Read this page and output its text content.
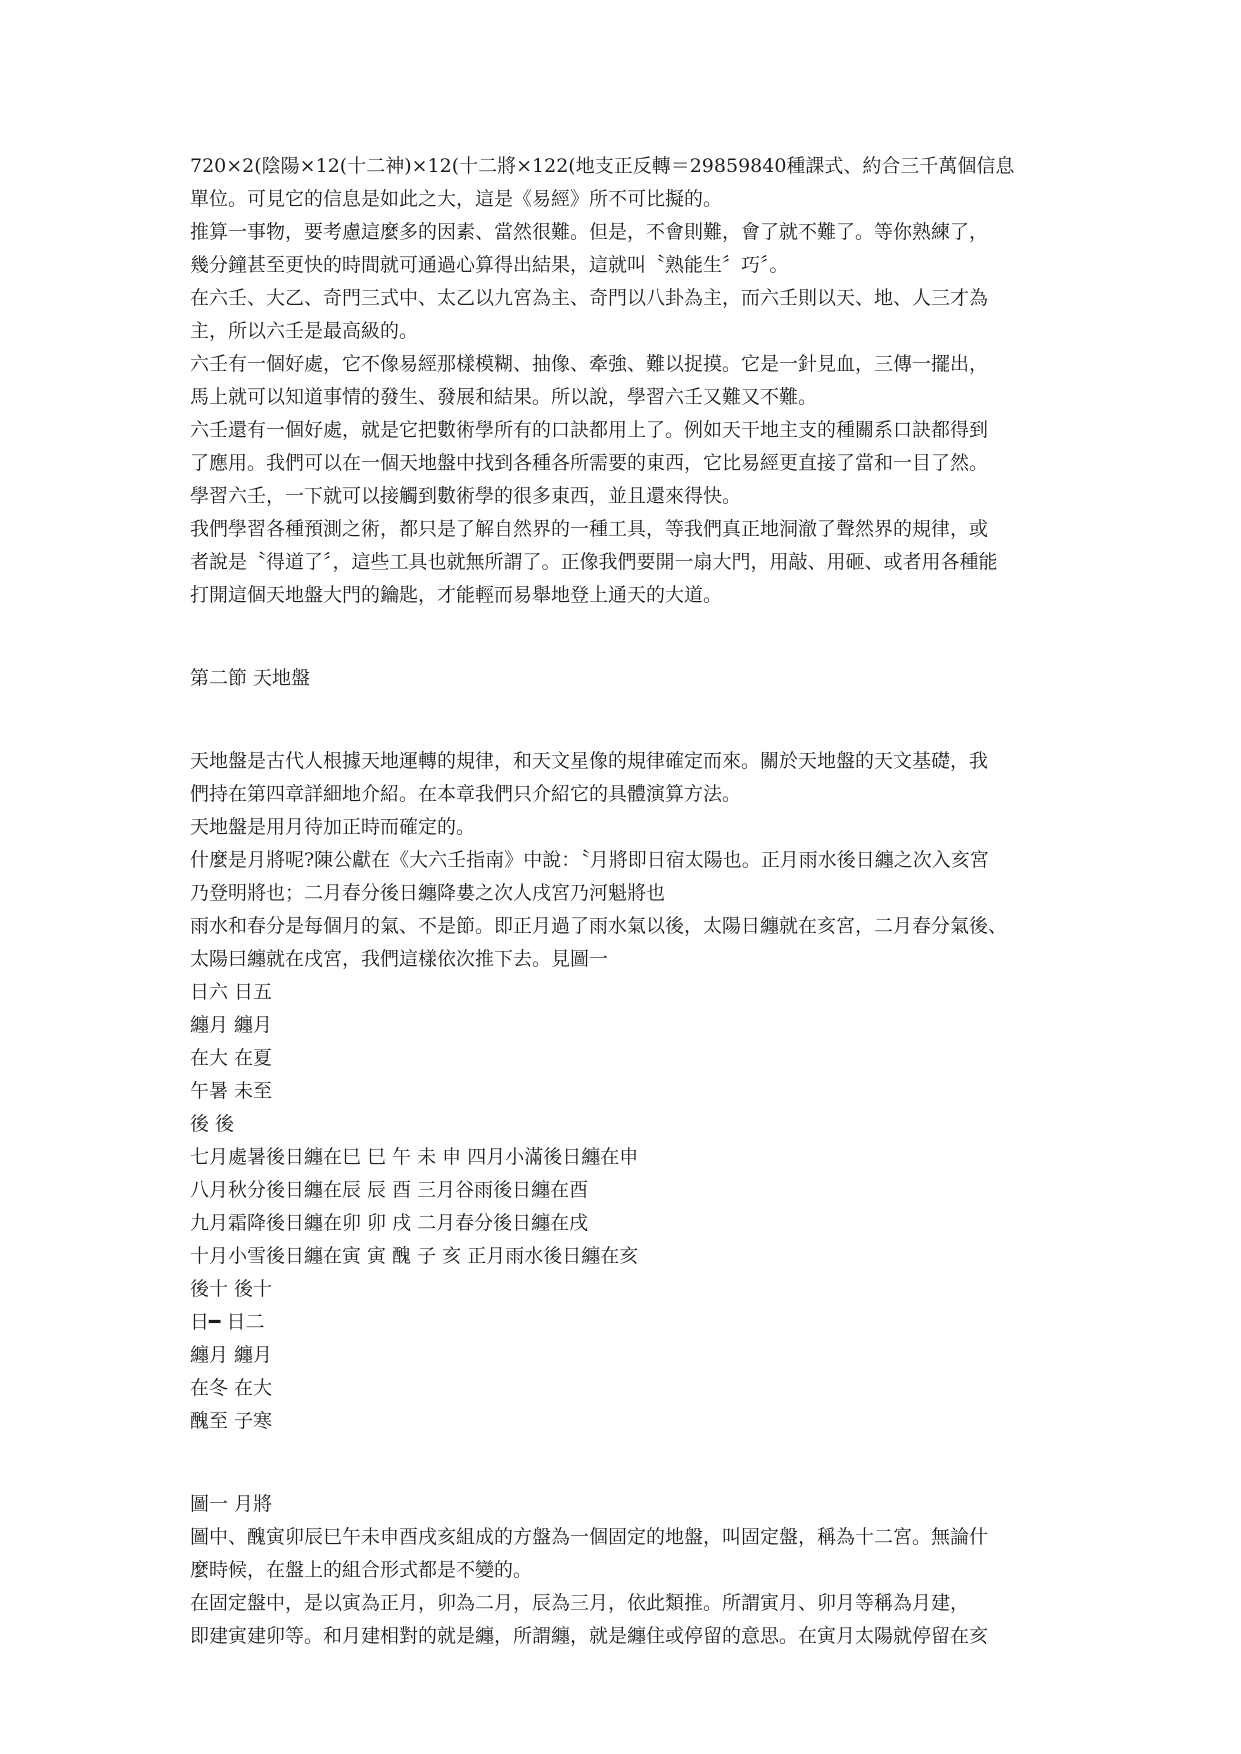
720×2(陰陽×12(十二神)×12(十二將×122(地支正反轉＝29859840種課式、約合三千萬個信息
單位。可見它的信息是如此之大，這是《易經》所不可比擬的。
推算一事物，要考慮這麼多的因素、當然很難。但是，不會則難，會了就不難了。等你熟練了，
幾分鐘甚至更快的時間就可通過心算得出結果，這就叫〝熟能生〞巧〞。
在六壬、大乙、奇門三式中、太乙以九宮為主、奇門以八卦為主，而六壬則以天、地、人三才為
主，所以六壬是最高級的。
六壬有一個好處，它不像易經那樣模糊、抽像、牽強、難以捉摸。它是一針見血，三傳一擺出，
馬上就可以知道事情的發生、發展和結果。所以說，學習六壬又難又不難。
六壬還有一個好處，就是它把數術學所有的口訣都用上了。例如天干地主支的種關系口訣都得到
了應用。我們可以在一個天地盤中找到各種各所需要的東西，它比易經更直接了當和一目了然。
學習六壬，一下就可以接觸到數術學的很多東西，並且還來得快。
我們學習各種預測之術，都只是了解自然界的一種工具，等我們真正地洞澈了聲然界的規律，或
者說是〝得道了〞，這些工具也就無所謂了。正像我們要開一扇大門，用敲、用砸、或者用各種能
打開這個天地盤大門的鑰匙，才能輕而易舉地登上通天的大道。
第二節 天地盤
天地盤是古代人根據天地運轉的規律，和天文星像的規律確定而來。關於天地盤的天文基礎，我
們持在第四章詳細地介紹。在本章我們只介紹它的具體演算方法。
天地盤是用月待加正時而確定的。
什麼是月將呢?陳公獻在《大六壬指南》中說：〝月將即日宿太陽也。正月雨水後日纏之次入亥宮
乃登明將也；二月春分後日纏降婁之次人戌宮乃河魁將也
雨水和春分是每個月的氣、不是節。即正月過了雨水氣以後，太陽日纏就在亥宮，二月春分氣後、
太陽曰纏就在戌宮，我們這樣依次推下去。見圖一
日六 日五
纏月 纏月
在大 在夏
午暑 未至
後 後
七月處暑後日纏在巳 巳 午 未 申 四月小滿後日纏在申
八月秋分後日纏在辰 辰 酉 三月谷雨後日纏在酉
九月霜降後日纏在卯 卯 戌 二月春分後日纏在戌
十月小雪後日纏在寅 寅 醜 子 亥 正月雨水後日纏在亥
後十 後十
日━ 日二
纏月 纏月
在冬 在大
醜至 子寒
圖一 月將
圖中、醜寅卯辰巳午未申酉戌亥組成的方盤為一個固定的地盤，叫固定盤，稱為十二宮。無論什
麼時候，在盤上的組合形式都是不變的。
在固定盤中，是以寅為正月，卯為二月，辰為三月，依此類推。所謂寅月、卯月等稱為月建，
即建寅建卯等。和月建相對的就是纏，所謂纏，就是纏住或停留的意思。在寅月太陽就停留在亥
